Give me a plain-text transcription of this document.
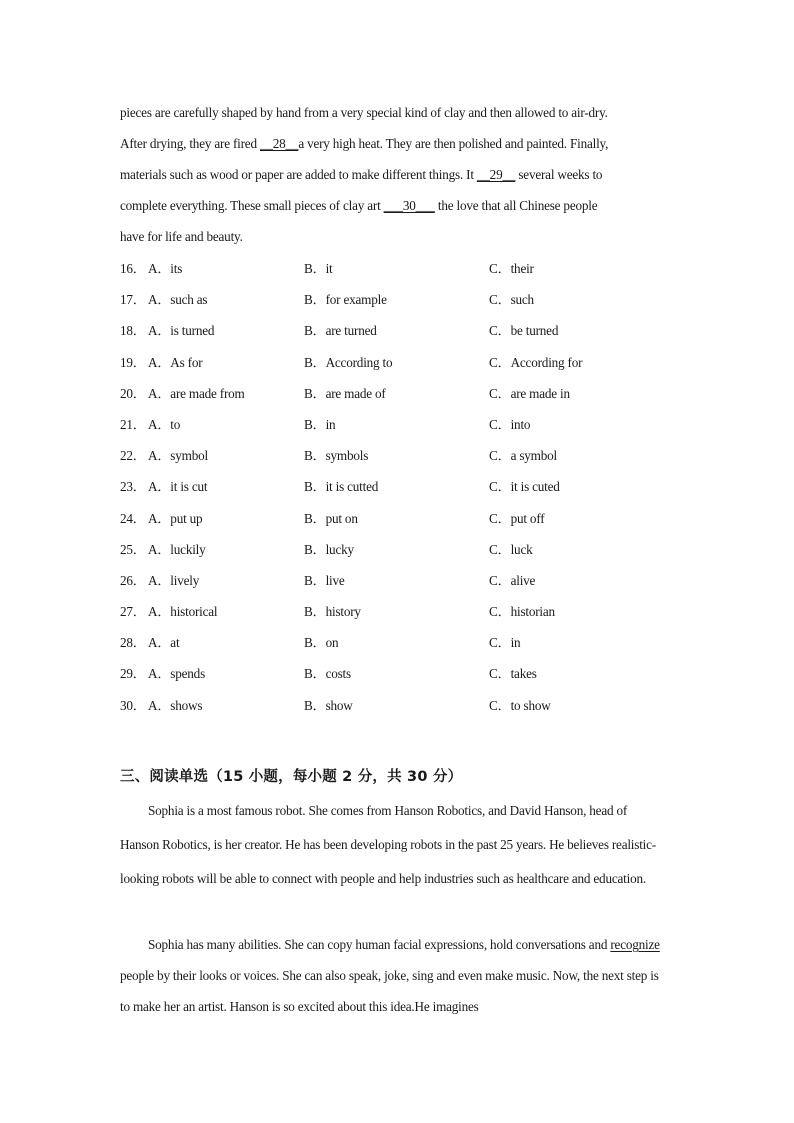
pieces are carefully shaped by hand from a very special kind of clay and then allowed to air-dry.
After drying, they are fired __28__a very high heat. They are then polished and painted. Finally,
materials such as wood or paper are added to make different things. It __29__ several weeks to
complete everything. These small pieces of clay art ___30___ the love that all Chinese people
have for life and beauty.
16． A．its	B．it	C．their
17． A．such as	B．for example	C．such
18． A．is turned	B．are turned	C．be turned
19． A．As for	B．According to	C．According for
20． A．are made from	B．are made of	C．are made in
21． A．to	B．in	C．into
22． A．symbol	B．symbols	C．a symbol
23． A．it is cut	B．it is cutted	C．it is cuted
24． A．put up	B．put on	C．put off
25． A．luckily	B．lucky	C．luck
26． A．lively	B．live	C．alive
27． A．historical	B．history	C．historian
28． A．at	B．on	C．in
29． A．spends	B．costs	C．takes
30． A．shows	B．show	C．to show
三、阅读单选（15 小题，每小题 2 分，共 30 分）
Sophia is a most famous robot. She comes from Hanson Robotics, and David Hanson, head of Hanson Robotics, is her creator. He has been developing robots in the past 25 years. He believes realistic-looking robots will be able to connect with people and help industries such as healthcare and education.
Sophia has many abilities. She can copy human facial expressions, hold conversations and recognize people by their looks or voices. She can also speak, joke, sing and even make music. Now, the next step is to make her an artist. Hanson is so excited about this idea.He imagines
